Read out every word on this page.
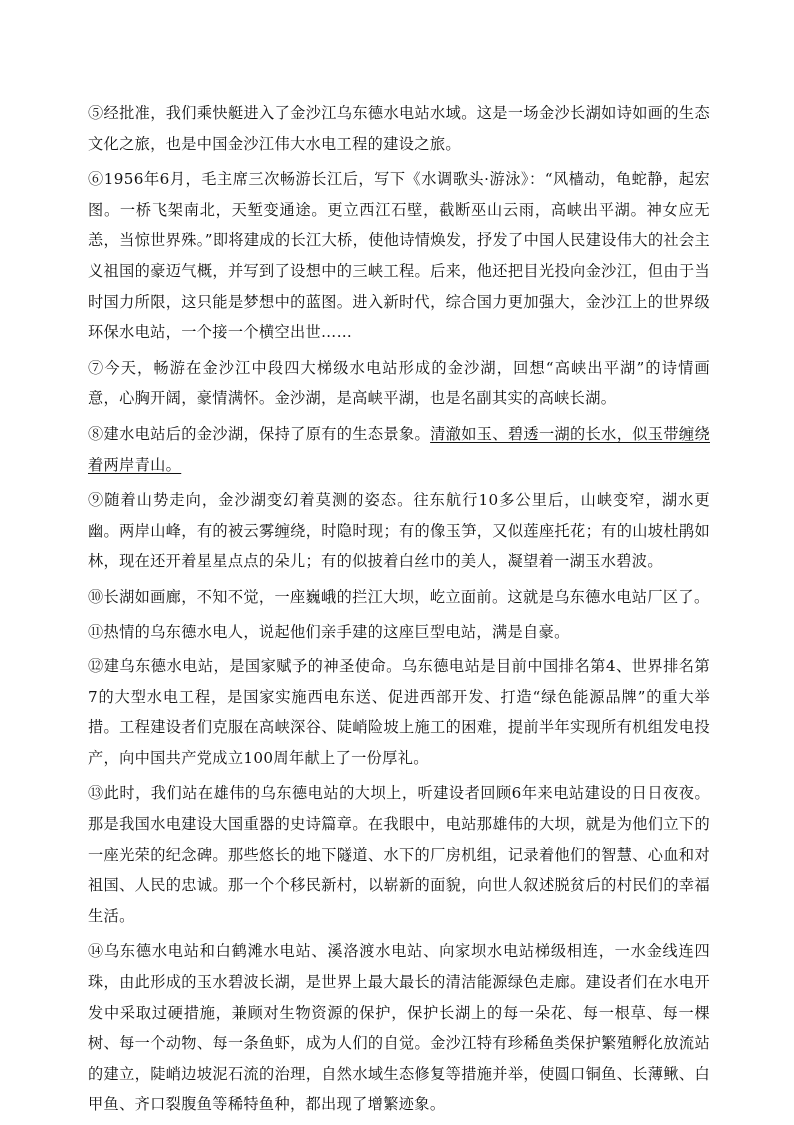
⑤经批准，我们乘快艇进入了金沙江乌东德水电站水域。这是一场金沙长湖如诗如画的生态文化之旅，也是中国金沙江伟大水电工程的建设之旅。

⑥1956年6月，毛主席三次畅游长江后，写下《水调歌头·游泳》：“风樯动，龟蛇静，起宏图。一桥飞架南北，天堑变通途。更立西江石壁，截断巫山云雨，高峡出平湖。神女应无恙，当惊世界殊。”即将建成的长江大桥，使他诗情焕发，抒发了中国人民建设伟大的社会主义祖国的豪迈气概，并写到了设想中的三峡工程。后来，他还把目光投向金沙江，但由于当时国力所限，这只能是梦想中的蓝图。进入新时代，综合国力更加强大，金沙江上的世界级环保水电站，一个接一个横空出世……

⑦今天，畅游在金沙江中段四大梯级水电站形成的金沙湖，回想“高峡出平湖”的诗情画意，心胸开阔，豪情满怀。金沙湖，是高峡平湖，也是名副其实的高峡长湖。

⑧建水电站后的金沙湖，保持了原有的生态景象。清澈如玉、碧透一湖的长水，似玉带缠绕着两岸青山。

⑨随着山势走向，金沙湖变幻着莫测的姿态。往东航行10多公里后，山峡变窄，湖水更幽。两岸山峰，有的被云雾缠绕，时隐时现；有的像玉笋，又似莲座托花；有的山坡杜鹃如林，现在还开着星星点点的朵儿；有的似披着白丝巾的美人，凝望着一湖玉水碧波。

⑩长湖如画廊，不知不觉，一座巍峨的拦江大坝，屹立面前。这就是乌东德水电站厂区了。

⑪热情的乌东德水电人，说起他们亲手建的这座巨型电站，满是自豪。

⑫建乌东德水电站，是国家赋予的神圣使命。乌东德电站是目前中国排名第4、世界排名第7的大型水电工程，是国家实施西电东送、促进西部开发、打造“绿色能源品牌”的重大举措。工程建设者们克服在高峡深谷、陡峭险坡上施工的困难，提前半年实现所有机组发电投产，向中国共产党成立100周年献上了一份厚礼。

⑬此时，我们站在雄伟的乌东德电站的大坝上，听建设者回顾6年来电站建设的日日夜夜。那是我国水电建设大国重器的史诗篇章。在我眼中，电站那雄伟的大坝，就是为他们立下的一座光荣的纪念碑。那些悠长的地下隧道、水下的厂房机组，记录着他们的智慧、心血和对祖国、人民的忠诚。那一个个移民新村，以崭新的面貌，向世人叙述脱贫后的村民们的幸福生活。

⑭乌东德水电站和白鹤滩水电站、溪洛渡水电站、向家坝水电站梯级相连，一水金线连四珠，由此形成的玉水碧波长湖，是世界上最大最长的清洁能源绿色走廊。建设者们在水电开发中采取过硬措施，兼顾对生物资源的保护，保护长湖上的每一朵花、每一根草、每一棵树、每一个动物、每一条鱼虾，成为人们的自觉。金沙江特有珍稀鱼类保护繁殖孵化放流站的建立，陡峭边坡泥石流的治理，自然水域生态修复等措施并举，使圆口铜鱼、长薄鳅、白甲鱼、齐口裂腹鱼等稀特鱼种，都出现了增繁迹象。
